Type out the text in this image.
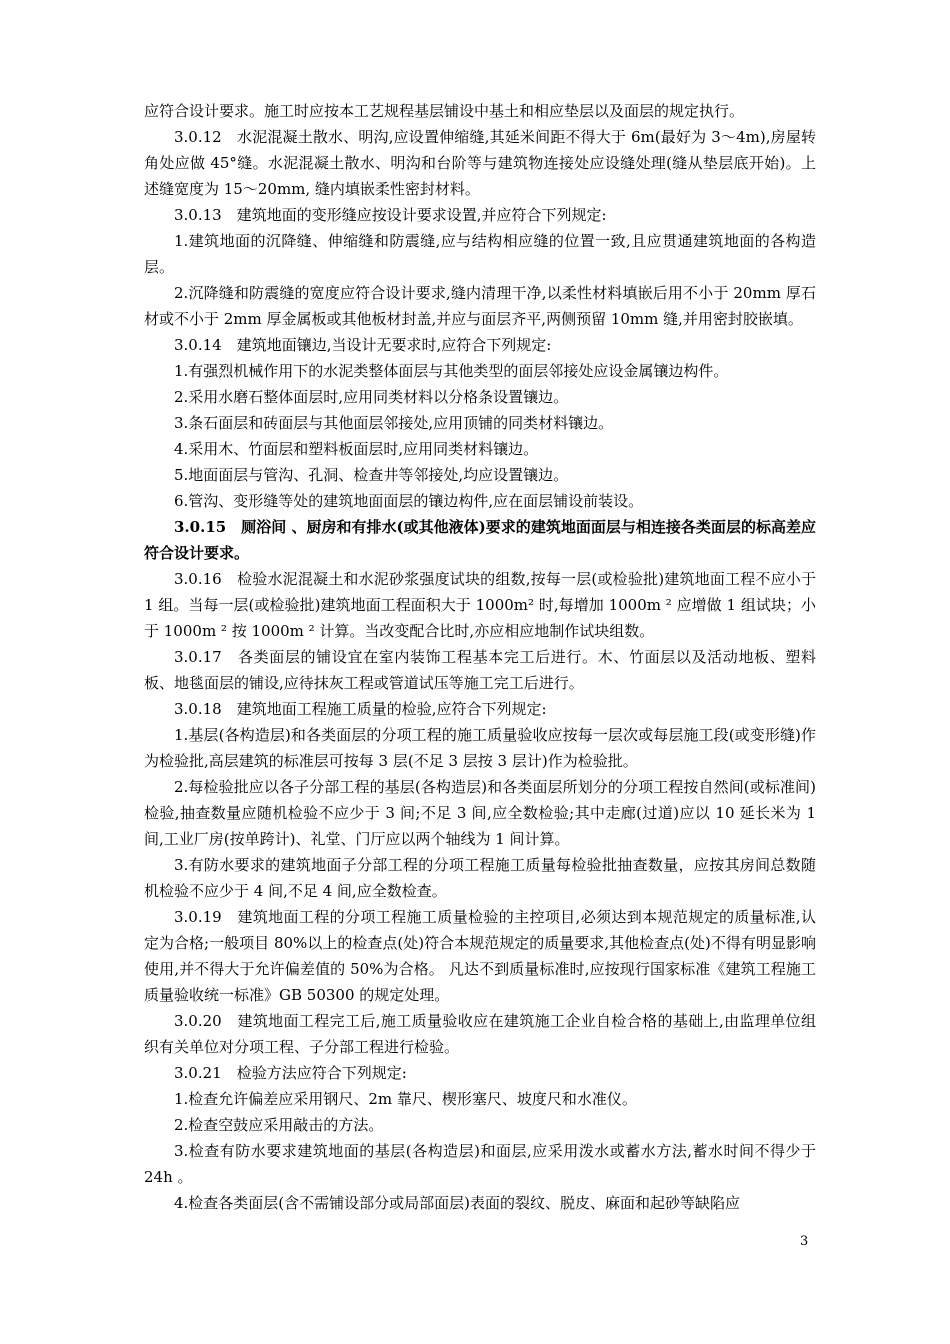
应符合设计要求。施工时应按本工艺规程基层铺设中基土和相应垫层以及面层的规定执行。

3.0.12　水泥混凝土散水、明沟,应设置伸缩缝,其延米间距不得大于 6m(最好为 3～4m),房屋转角处应做 45°缝。水泥混凝土散水、明沟和台阶等与建筑物连接处应设缝处理(缝从垫层底开始)。上述缝宽度为 15～20mm, 缝内填嵌柔性密封材料。

3.0.13　建筑地面的变形缝应按设计要求设置,并应符合下列规定:

1.建筑地面的沉降缝、伸缩缝和防震缝,应与结构相应缝的位置一致,且应贯通建筑地面的各构造层。

2.沉降缝和防震缝的宽度应符合设计要求,缝内清理干净,以柔性材料填嵌后用不小于 20mm 厚石材或不小于 2mm 厚金属板或其他板材封盖,并应与面层齐平,两侧预留 10mm 缝,并用密封胶嵌填。

3.0.14　建筑地面镶边,当设计无要求时,应符合下列规定:

1.有强烈机械作用下的水泥类整体面层与其他类型的面层邻接处应设金属镶边构件。

2.采用水磨石整体面层时,应用同类材料以分格条设置镶边。

3.条石面层和砖面层与其他面层邻接处,应用顶铺的同类材料镶边。

4.采用木、竹面层和塑料板面层时,应用同类材料镶边。

5.地面面层与管沟、孔洞、检查井等邻接处,均应设置镶边。

6.管沟、变形缝等处的建筑地面面层的镶边构件,应在面层铺设前装设。

3.0.15　厕浴间 、厨房和有排水(或其他液体)要求的建筑地面面层与相连接各类面层的标高差应符合设计要求。

3.0.16　检验水泥混凝土和水泥砂浆强度试块的组数,按每一层(或检验批)建筑地面工程不应小于 1 组。当每一层(或检验批)建筑地面工程面积大于 1000m² 时,每增加 1000m ² 应增做 1 组试块；小于 1000m ² 按 1000m ² 计算。当改变配合比时,亦应相应地制作试块组数。

3.0.17　各类面层的铺设宜在室内装饰工程基本完工后进行。木、竹面层以及活动地板、塑料板、地毯面层的铺设,应待抹灰工程或管道试压等施工完工后进行。

3.0.18　建筑地面工程施工质量的检验,应符合下列规定:

1.基层(各构造层)和各类面层的分项工程的施工质量验收应按每一层次或每层施工段(或变形缝)作为检验批,高层建筑的标准层可按每 3 层(不足 3 层按 3 层计)作为检验批。

2.每检验批应以各子分部工程的基层(各构造层)和各类面层所划分的分项工程按自然间(或标准间)检验,抽查数量应随机检验不应少于 3 间;不足 3 间,应全数检验;其中走廊(过道)应以 10 延长米为 1 间,工业厂房(按单跨计)、礼堂、门厅应以两个轴线为 1 间计算。

3.有防水要求的建筑地面子分部工程的分项工程施工质量每检验批抽查数量，应按其房间总数随机检验不应少于 4 间,不足 4 间,应全数检查。

3.0.19　建筑地面工程的分项工程施工质量检验的主控项目,必须达到本规范规定的质量标准,认定为合格;一般项目 80%以上的检查点(处)符合本规范规定的质量要求,其他检查点(处)不得有明显影响使用,并不得大于允许偏差值的 50%为合格。 凡达不到质量标准时,应按现行国家标准《建筑工程施工质量验收统一标准》GB 50300 的规定处理。

3.0.20　建筑地面工程完工后,施工质量验收应在建筑施工企业自检合格的基础上,由监理单位组织有关单位对分项工程、子分部工程进行检验。

3.0.21　检验方法应符合下列规定:

1.检查允许偏差应采用钢尺、2m 靠尺、楔形塞尺、坡度尺和水准仪。

2.检查空鼓应采用敲击的方法。

3.检查有防水要求建筑地面的基层(各构造层)和面层,应采用泼水或蓄水方法,蓄水时间不得少于 24h 。

4.检查各类面层(含不需铺设部分或局部面层)表面的裂纹、脱皮、麻面和起砂等缺陷应

3
